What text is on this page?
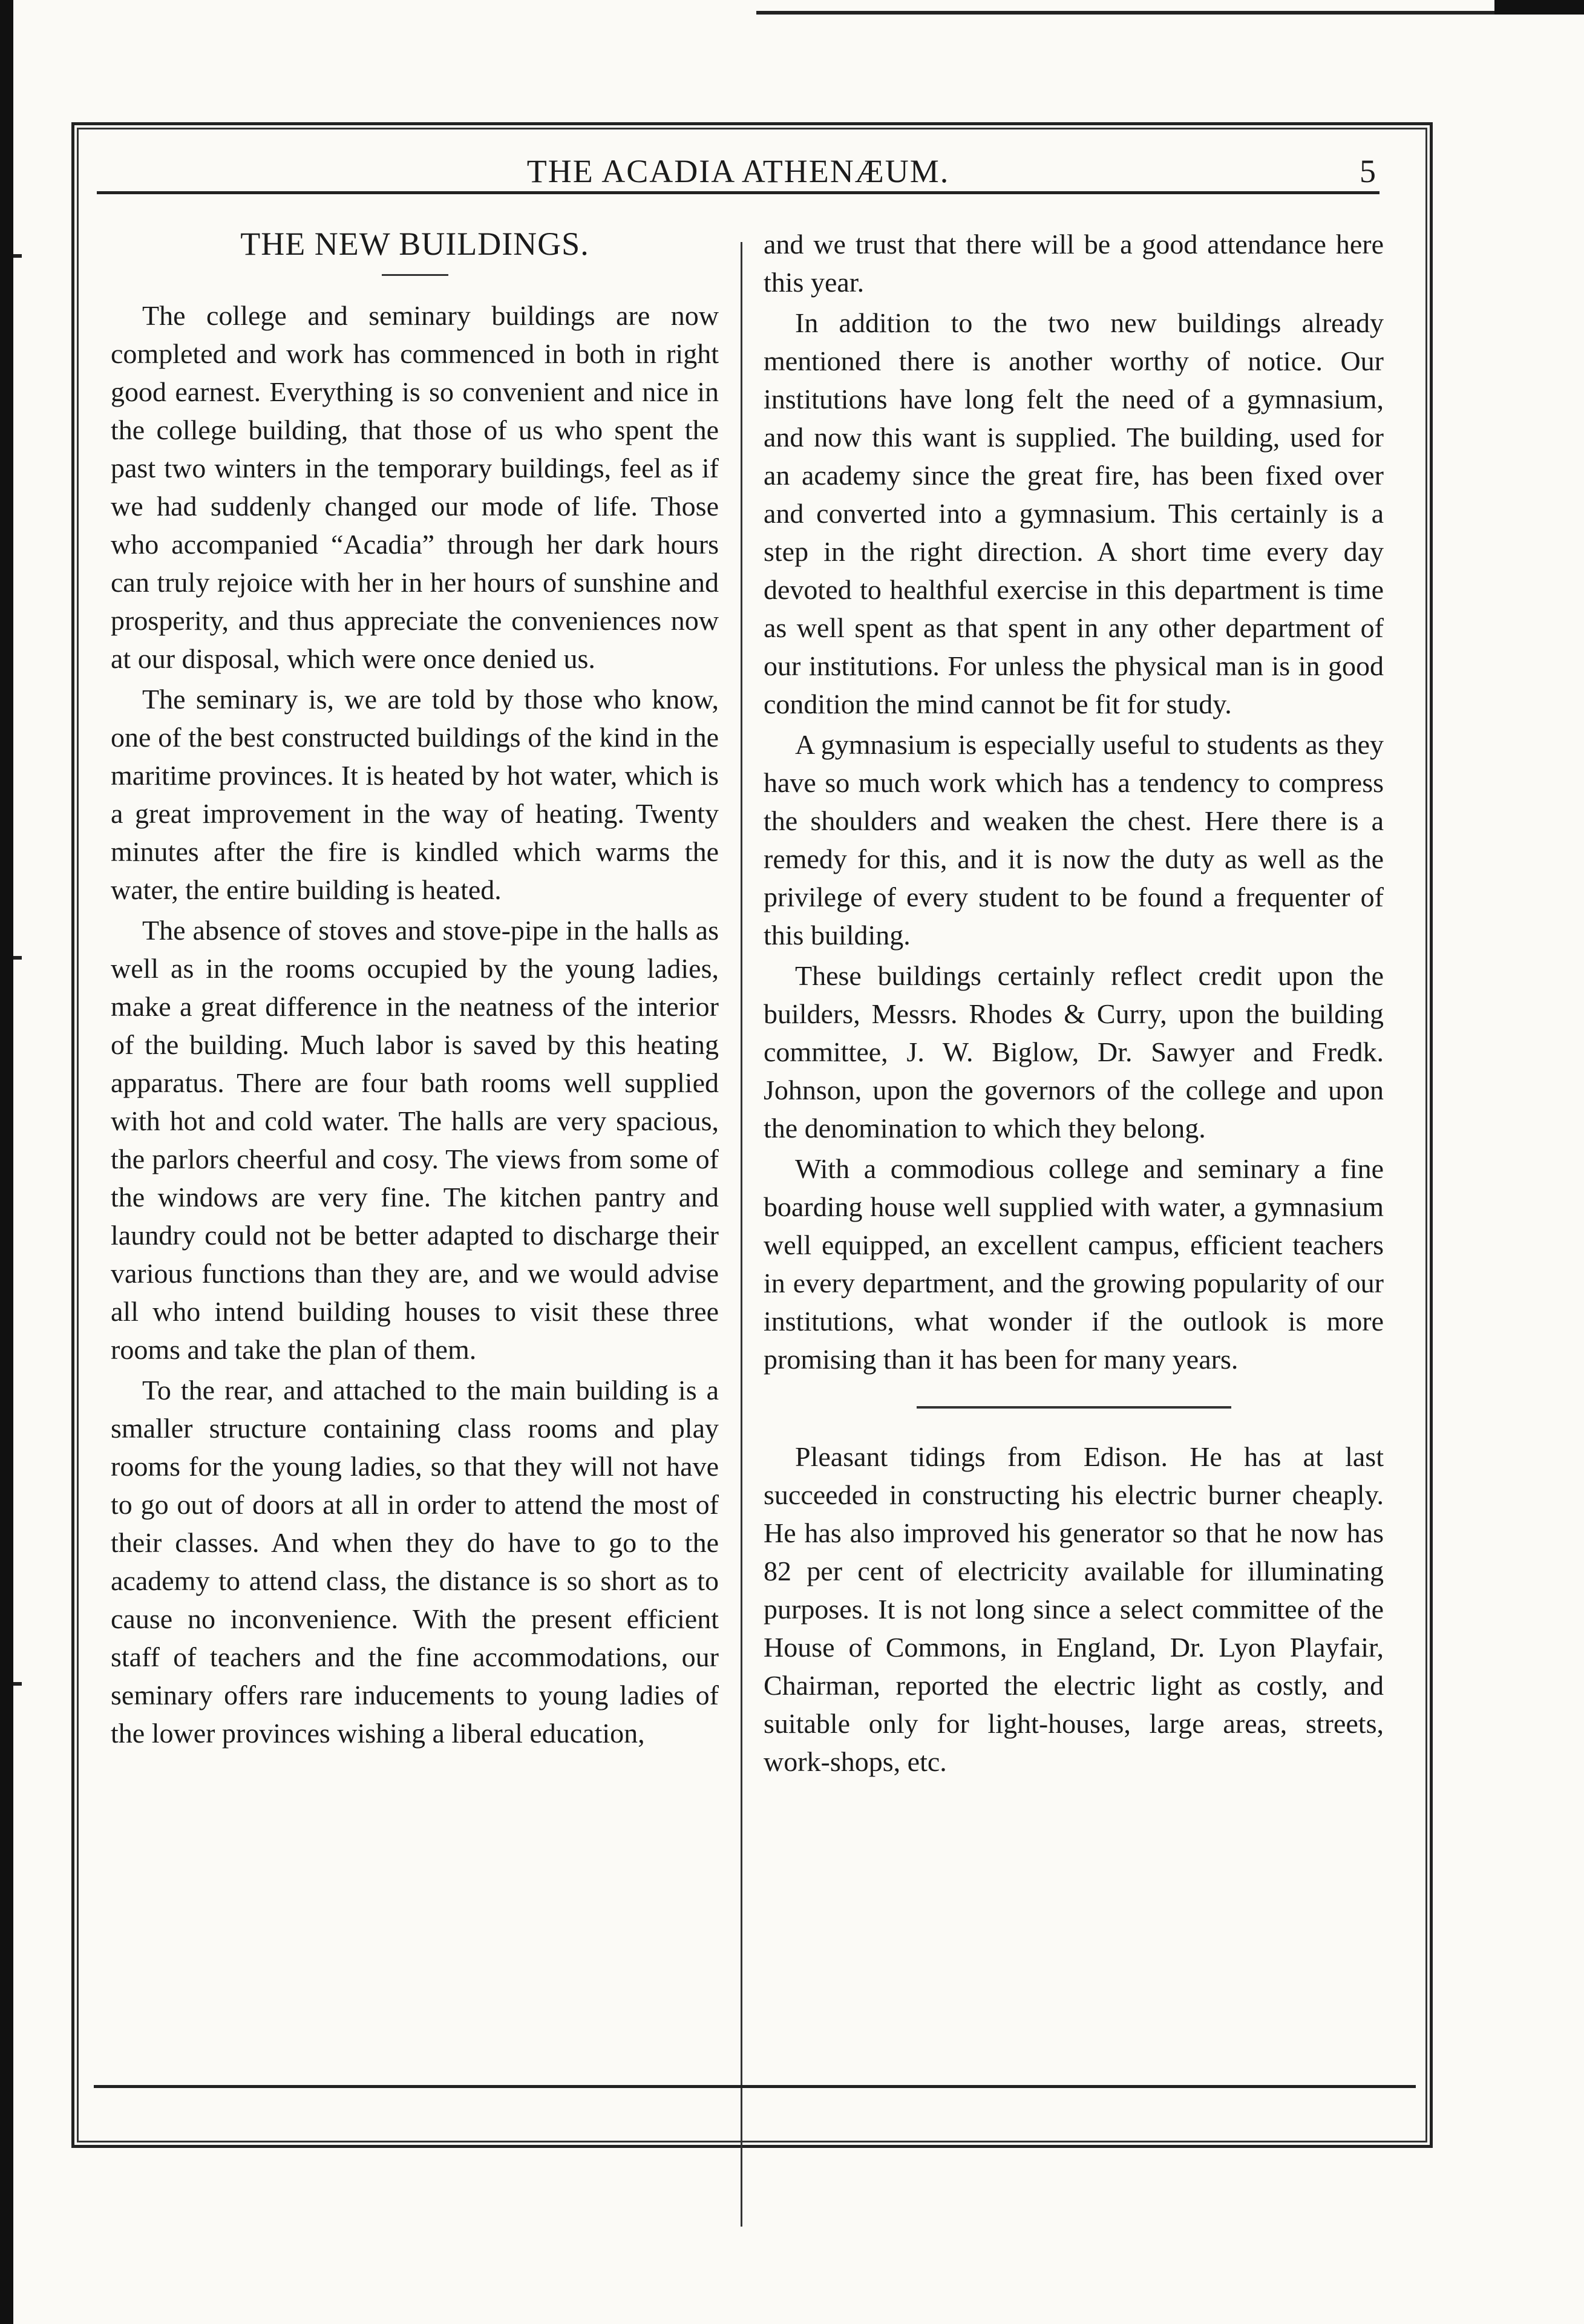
THE ACADIA ATHENÆUM.	5
THE NEW BUILDINGS.

The college and seminary buildings are now completed and work has commenced in both in right good earnest. Everything is so convenient and nice in the college building, that those of us who spent the past two winters in the temporary buildings, feel as if we had suddenly changed our mode of life. Those who accompanied “Acadia” through her dark hours can truly rejoice with her in her hours of sunshine and prosperity, and thus appreciate the conveniences now at our disposal, which were once denied us.

The seminary is, we are told by those who know, one of the best constructed buildings of the kind in the maritime provinces. It is heated by hot water, which is a great improvement in the way of heating. Twenty minutes after the fire is kindled which warms the water, the entire building is heated.

The absence of stoves and stove-pipe in the halls as well as in the rooms occupied by the young ladies, make a great difference in the neatness of the interior of the building. Much labor is saved by this heating apparatus. There are four bath rooms well supplied with hot and cold water. The halls are very spacious, the parlors cheerful and cosy. The views from some of the windows are very fine. The kitchen pantry and laundry could not be better adapted to discharge their various functions than they are, and we would advise all who intend building houses to visit these three rooms and take the plan of them.

To the rear, and attached to the main building is a smaller structure containing class rooms and play rooms for the young ladies, so that they will not have to go out of doors at all in order to attend the most of their classes. And when they do have to go to the academy to attend class, the distance is so short as to cause no inconvenience. With the present efficient staff of teachers and the fine accommodations, our seminary offers rare inducements to young ladies of the lower provinces wishing a liberal education,

and we trust that there will be a good attendance here this year.

In addition to the two new buildings already mentioned there is another worthy of notice. Our institutions have long felt the need of a gymnasium, and now this want is supplied. The building, used for an academy since the great fire, has been fixed over and converted into a gymnasium. This certainly is a step in the right direction. A short time every day devoted to healthful exercise in this department is time as well spent as that spent in any other department of our institutions. For unless the physical man is in good condition the mind cannot be fit for study.

A gymnasium is especially useful to students as they have so much work which has a tendency to compress the shoulders and weaken the chest. Here there is a remedy for this, and it is now the duty as well as the privilege of every student to be found a frequenter of this building.

These buildings certainly reflect credit upon the builders, Messrs. Rhodes & Curry, upon the building committee, J. W. Biglow, Dr. Sawyer and Fredk. Johnson, upon the governors of the college and upon the denomination to which they belong.

With a commodious college and seminary a fine boarding house well supplied with water, a gymnasium well equipped, an excellent campus, efficient teachers in every department, and the growing popularity of our institutions, what wonder if the outlook is more promising than it has been for many years.

Pleasant tidings from Edison. He has at last succeeded in constructing his electric burner cheaply. He has also improved his generator so that he now has 82 per cent of electricity available for illuminating purposes. It is not long since a select committee of the House of Commons, in England, Dr. Lyon Playfair, Chairman, reported the electric light as costly, and suitable only for light-houses, large areas, streets, work-shops, etc.
